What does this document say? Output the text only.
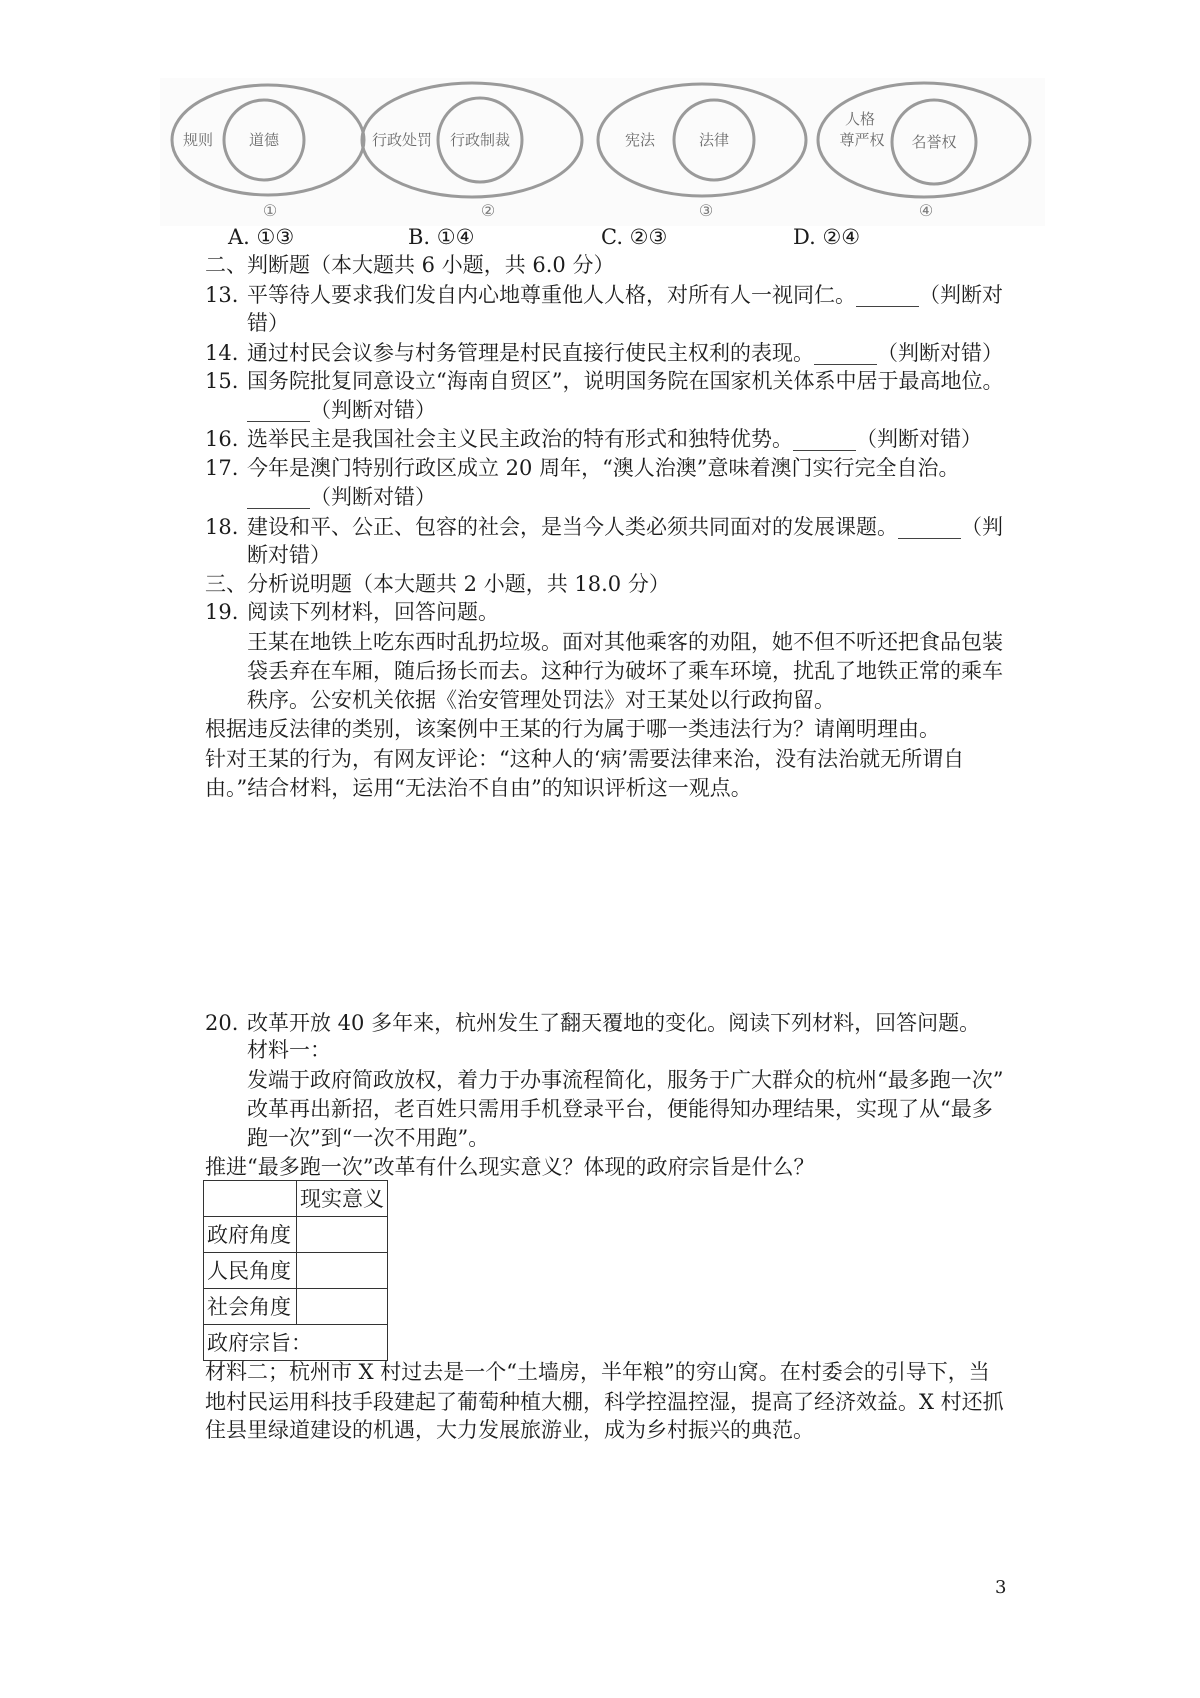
规则 道德
①
行政处罚 行政制裁
②
宪法	法律
③
人格
尊严权 名誉权
④
A. ①③	B. ①④	C. ②③	D. ②④
二、判断题（本大题共 6 小题，共 6.0 分）
13. 平等待人要求我们发自内心地尊重他人人格，对所有人一视同仁。______（判断对
错）
14. 通过村民会议参与村务管理是村民直接行使民主权利的表现。______（判断对错）
15. 国务院批复同意设立“海南自贸区”，说明国务院在国家机关体系中居于最高地位。
______（判断对错）
16. 选举民主是我国社会主义民主政治的特有形式和独特优势。______（判断对错）
17. 今年是澳门特别行政区成立 20 周年，“澳人治澳”意味着澳门实行完全自治。
______（判断对错）
18. 建设和平、公正、包容的社会，是当今人类必须共同面对的发展课题。______（判
断对错）
三、分析说明题（本大题共 2 小题，共 18.0 分）
19. 阅读下列材料，回答问题。
王某在地铁上吃东西时乱扔垃圾。面对其他乘客的劝阻，她不但不听还把食品包装
袋丢弃在车厢，随后扬长而去。这种行为破坏了乘车环境，扰乱了地铁正常的乘车
秩序。公安机关依据《治安管理处罚法》对王某处以行政拘留。
根据违反法律的类别，该案例中王某的行为属于哪一类违法行为？请阐明理由。
针对王某的行为，有网友评论：“这种人的‘病’需要法律来治，没有法治就无所谓自
由。”结合材料，运用“无法治不自由”的知识评析这一观点。
20. 改革开放 40 多年来，杭州发生了翻天覆地的变化。阅读下列材料，回答问题。
材料一：
发端于政府简政放权，着力于办事流程简化，服务于广大群众的杭州“最多跑一次”
改革再出新招，老百姓只需用手机登录平台，便能得知办理结果，实现了从“最多
跑一次”到“一次不用跑”。
推进“最多跑一次”改革有什么现实意义？体现的政府宗旨是什么？
	现实意义
政府角度	
人民角度	
社会角度	
政府宗旨：	
材料二；杭州市 X 村过去是一个“土墙房，半年粮”的穷山窝。在村委会的引导下，当
地村民运用科技手段建起了葡萄种植大棚，科学控温控湿，提高了经济效益。X 村还抓
住县里绿道建设的机遇，大力发展旅游业，成为乡村振兴的典范。
3
